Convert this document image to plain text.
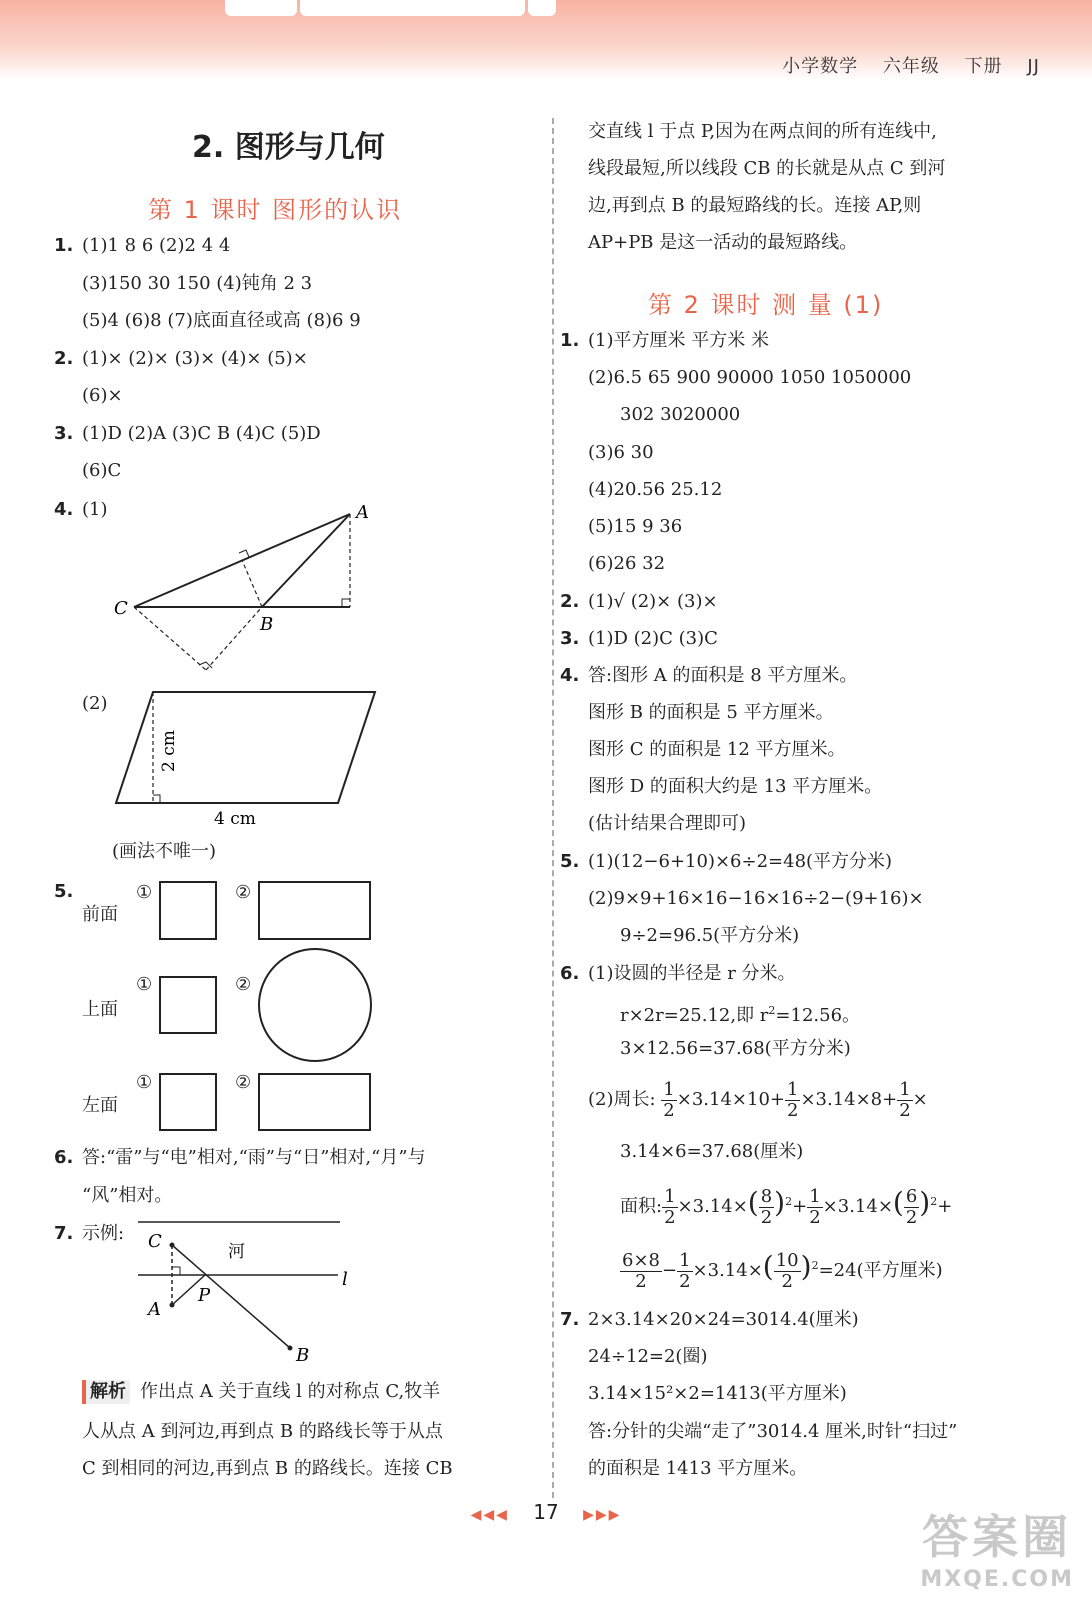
小学数学 六年级 下册 JJ
2. 图形与几何
第 1 课时 图形的认识
1. (1)1 8 6 (2)2 4 4
(3)150 30 150 (4)钝角 2 3
(5)4 (6)8 (7)底面直径或高 (8)6 9
2. (1)× (2)× (3)× (4)× (5)×
(6)×
3. (1)D (2)A (3)C B (4)C (5)D
(6)C
4. (1)	A
C
B
(2)
2 cm
4 cm
(画法不唯一)
5.
前面
上面
左面
①	②
①	②
①	②
6. 答:“雷”与“电”相对,“雨”与“日”相对,“月”与
“风”相对。
7. 示例: C	河
l
A
P
B
解析 作出点 A 关于直线 l 的对称点 C,牧羊
人从点 A 到河边,再到点 B 的路线长等于从点
C 到相同的河边,再到点 B 的路线长。连接 CB
交直线 l 于点 P,因为在两点间的所有连线中,
线段最短,所以线段 CB 的长就是从点 C 到河
边,再到点 B 的最短路线的长。连接 AP,则
AP+PB 是这一活动的最短路线。
第 2 课时 测 量 (1)
1. (1)平方厘米 平方米 米
(2)6.5 65 900 90000 1050 1050000
302 3020000
(3)6 30
(4)20.56 25.12
(5)15 9 36
(6)26 32
2. (1)√ (2)× (3)×
3. (1)D (2)C (3)C
4. 答:图形 A 的面积是 8 平方厘米。
图形 B 的面积是 5 平方厘米。
图形 C 的面积是 12 平方厘米。
图形 D 的面积大约是 13 平方厘米。
(估计结果合理即可)
5. (1)(12−6+10)×6÷2=48(平方分米)
(2)9×9+16×16−16×16÷2−(9+16)×
9÷2=96.5(平方分米)
6. (1)设圆的半径是 r 分米。
r×2r=25.12,即 $r^2=12.56$。
3×12.56=37.68(平方分米)
(2)周长: $\frac{1}{2} \times 3.14\times 10+ \frac{1}{2} \times 3.14\times 8+ \frac{1}{2}$ ×
3.14×6=37.68(厘米)
面积: $\frac{1}{2} \times 3.14\times( \frac{8}{2} )^2+ \frac{1}{2} \times 3.14\times( \frac{6}{2} )^2+$
$\frac{6\times 8}{2} - \frac{1}{2} \times 3.14\times( \frac{10}{2} )^2=24$(平方厘米)
7. 2×3.14×20×24=3014.4(厘米)
24÷12=2(圈)
3.14×15²×2=1413(平方厘米)
答:分针的尖端“走了”3014.4 厘米,时针“扫过”
的面积是 1413 平方厘米。
◀◀◀ 17 ▶▶▶	答案圈
MXQE.COM
